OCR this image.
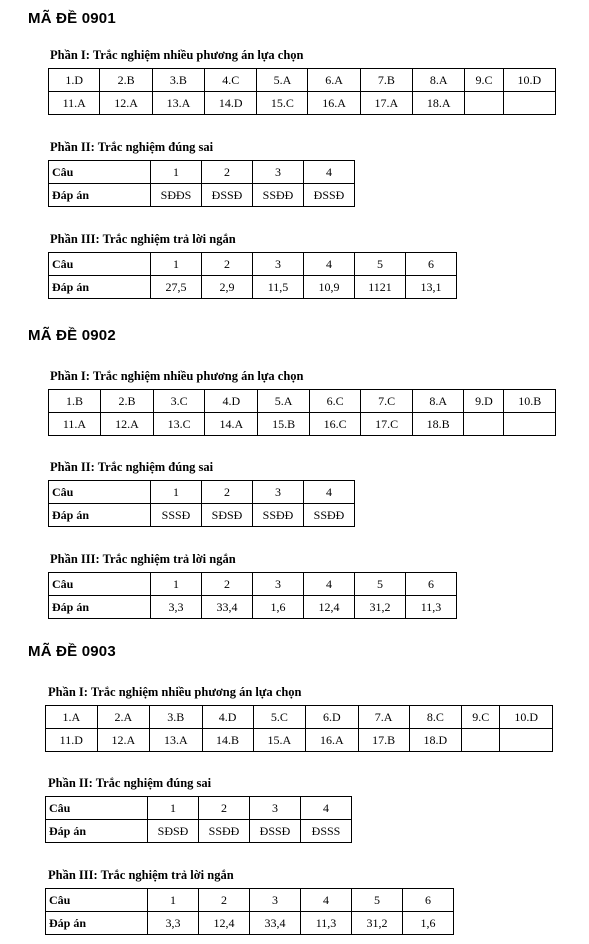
MÃ ĐỀ 0901
Phần I: Trắc nghiệm nhiều phương án lựa chọn
1.D	2.B	3.B	4.C	5.A	6.A	7.B	8.A	9.C	10.D
11.A	12.A	13.A	14.D	15.C	16.A	17.A	18.A		
Phần II: Trắc nghiệm đúng sai
Câu	1	2	3	4
Đáp án	SĐĐS	ĐSSĐ	SSĐĐ	ĐSSĐ
Phần III: Trắc nghiệm trả lời ngắn
Câu	1	2	3	4	5	6
Đáp án	27,5	2,9	11,5	10,9	1121	13,1
MÃ ĐỀ 0902
Phần I: Trắc nghiệm nhiều phương án lựa chọn
1.B	2.B	3.C	4.D	5.A	6.C	7.C	8.A	9.D	10.B
11.A	12.A	13.C	14.A	15.B	16.C	17.C	18.B		
Phần II: Trắc nghiệm đúng sai
Câu	1	2	3	4
Đáp án	SSSĐ	SĐSĐ	SSĐĐ	SSĐĐ
Phần III: Trắc nghiệm trả lời ngắn
Câu	1	2	3	4	5	6
Đáp án	3,3	33,4	1,6	12,4	31,2	11,3
MÃ ĐỀ 0903
Phần I: Trắc nghiệm nhiều phương án lựa chọn
1.A	2.A	3.B	4.D	5.C	6.D	7.A	8.C	9.C	10.D
11.D	12.A	13.A	14.B	15.A	16.A	17.B	18.D		
Phần II: Trắc nghiệm đúng sai
Câu	1	2	3	4
Đáp án	SĐSĐ	SSĐĐ	ĐSSĐ	ĐSSS
Phần III: Trắc nghiệm trả lời ngắn
Câu	1	2	3	4	5	6
Đáp án	3,3	12,4	33,4	11,3	31,2	1,6
